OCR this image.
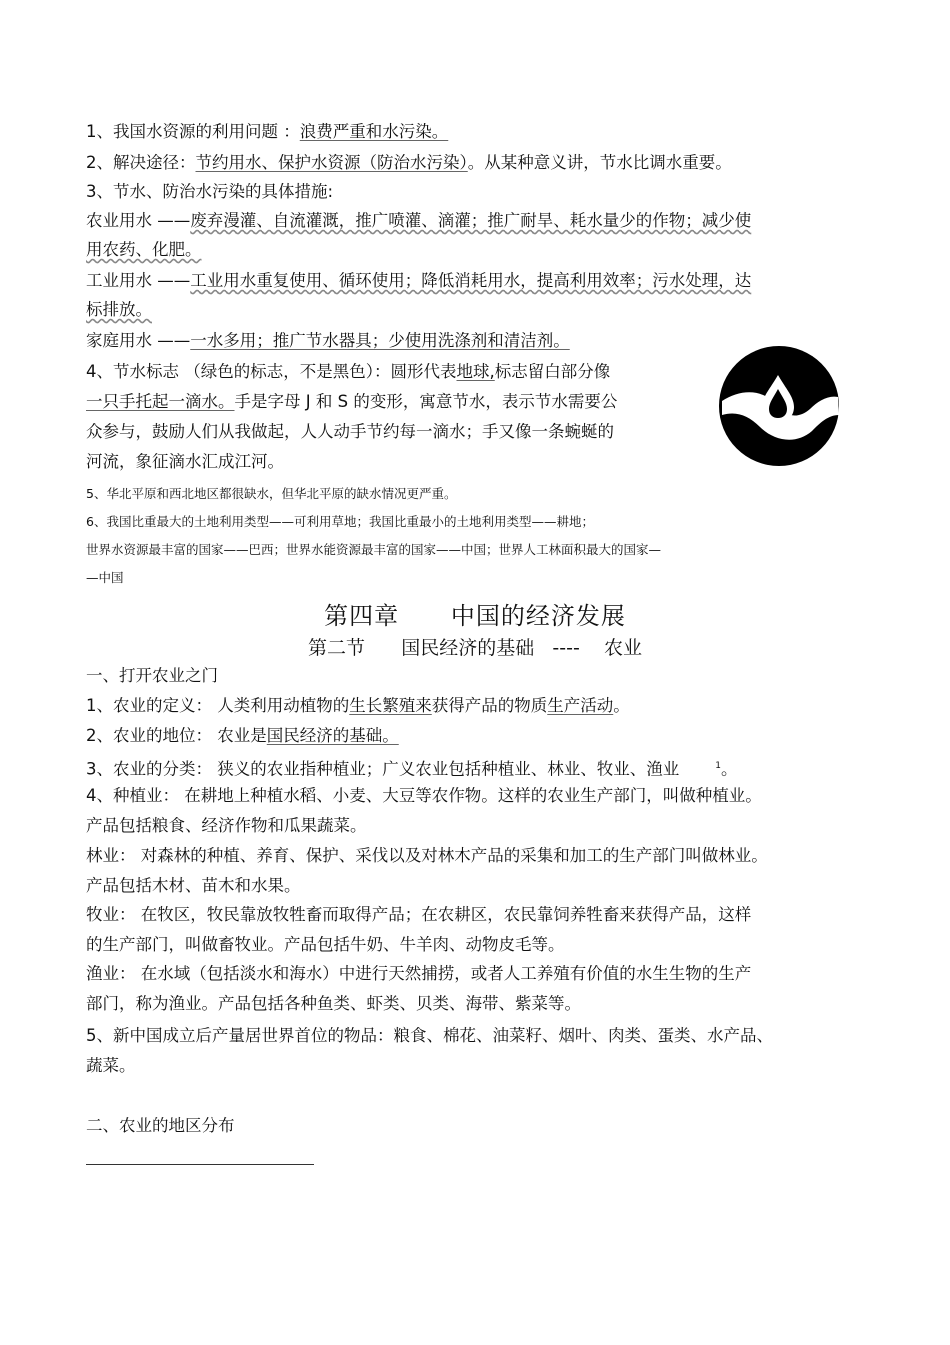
1、我国水资源的利用问题 ：浪费严重和水污染。
2、解决途径：节约用水、保护水资源（防治水污染）。从某种意义讲，节水比调水重要。
3、节水、防治水污染的具体措施:
农业用水 ——废弃漫灌、自流灌溉，推广喷灌、滴灌；推广耐旱、耗水量少的作物；减少使
用农药、化肥。
工业用水 ——工业用水重复使用、循环使用；降低消耗用水，提高利用效率；污水处理，达
标排放。
家庭用水 ——一水多用；推广节水器具；少使用洗涤剂和清洁剂。
4、节水标志 （绿色的标志，不是黑色）：圆形代表地球,标志留白部分像
一只手托起一滴水。手是字母 J 和 S 的变形，寓意节水，表示节水需要公
众参与，鼓励人们从我做起，人人动手节约每一滴水；手又像一条蜿蜒的
河流，象征滴水汇成江河。
5、华北平原和西北地区都很缺水，但华北平原的缺水情况更严重。
6、我国比重最大的土地利用类型——可利用草地；我国比重最小的土地利用类型——耕地；
世界水资源最丰富的国家——巴西；世界水能资源最丰富的国家——中国；世界人工林面积最大的国家—
—中国
第四章      中国的经济发展
第二节      国民经济的基础   ----    农业
一、打开农业之门
1、农业的定义： 人类利用动植物的生长繁殖来获得产品的物质生产活动。
2、农业的地位： 农业是国民经济的基础。
3、农业的分类： 狭义的农业指种植业；广义农业包括种植业、林业、牧业、渔业	$^1$。
4、种植业： 在耕地上种植水稻、小麦、大豆等农作物。这样的农业生产部门，叫做种植业。
产品包括粮食、经济作物和瓜果蔬菜。
林业： 对森林的种植、养育、保护、采伐以及对林木产品的采集和加工的生产部门叫做林业。
产品包括木材、苗木和水果。
牧业： 在牧区，牧民靠放牧牲畜而取得产品；在农耕区，农民靠饲养牲畜来获得产品，这样
的生产部门，叫做畜牧业。产品包括牛奶、牛羊肉、动物皮毛等。
渔业： 在水域（包括淡水和海水）中进行天然捕捞，或者人工养殖有价值的水生生物的生产
部门，称为渔业。产品包括各种鱼类、虾类、贝类、海带、紫菜等。
5、新中国成立后产量居世界首位的物品：粮食、棉花、油菜籽、烟叶、肉类、蛋类、水产品、
蔬菜。
二、农业的地区分布
